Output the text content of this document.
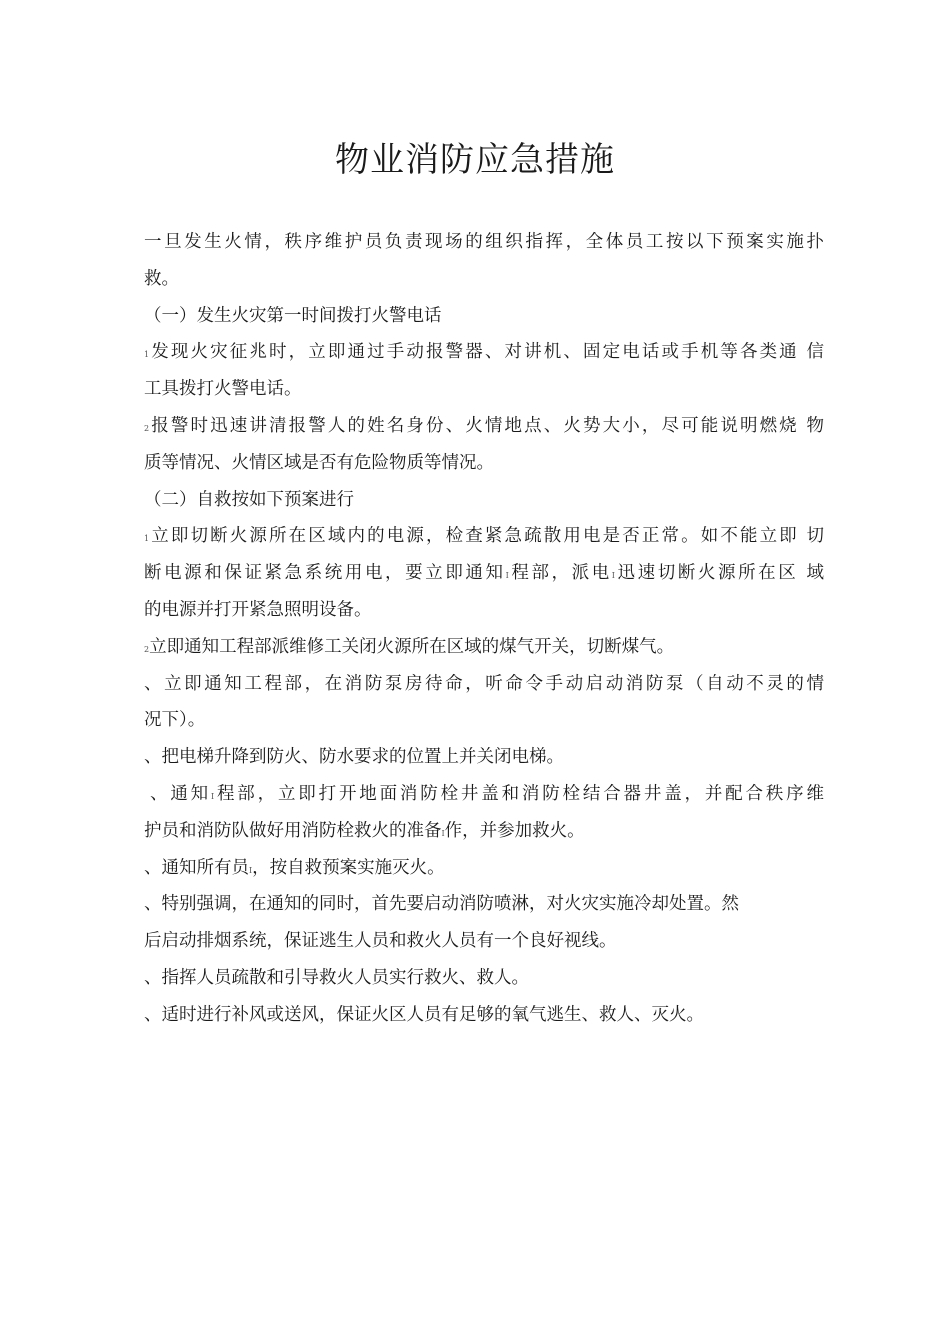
物业消防应急措施
一旦发生火情，秩序维护员负责现场的组织指挥，全体员工按以下预案实施扑
救。
（一）发生火灾第一时间拨打火警电话
1发现火灾征兆时，立即通过手动报警器、对讲机、固定电话或手机等各类通 信
工具拨打火警电话。
2报警时迅速讲清报警人的姓名身份、火情地点、火势大小，尽可能说明燃烧 物
质等情况、火情区域是否有危险物质等情况。
（二）自救按如下预案进行
1立即切断火源所在区域内的电源，检查紧急疏散用电是否正常。如不能立即 切
断电源和保证紧急系统用电，要立即通知I程部，派电I迅速切断火源所在区 域
的电源并打开紧急照明设备。
2立即通知工程部派维修工关闭火源所在区域的煤气开关，切断煤气。
、立即通知工程部，在消防泵房待命，听命令手动启动消防泵（自动不灵的情
况下）。
、把电梯升降到防火、防水要求的位置上并关闭电梯。
、通知I程部，立即打开地面消防栓井盖和消防栓结合器井盖，并配合秩序维
护员和消防队做好用消防栓救火的准备I作，并参加救火。
、通知所有员I，按自救预案实施灭火。
、特别强调，在通知的同时，首先要启动消防喷淋，对火灾实施冷却处置。然
后启动排烟系统，保证逃生人员和救火人员有一个良好视线。
、指挥人员疏散和引导救火人员实行救火、救人。
、适时进行补风或送风，保证火区人员有足够的氧气逃生、救人、灭火。
